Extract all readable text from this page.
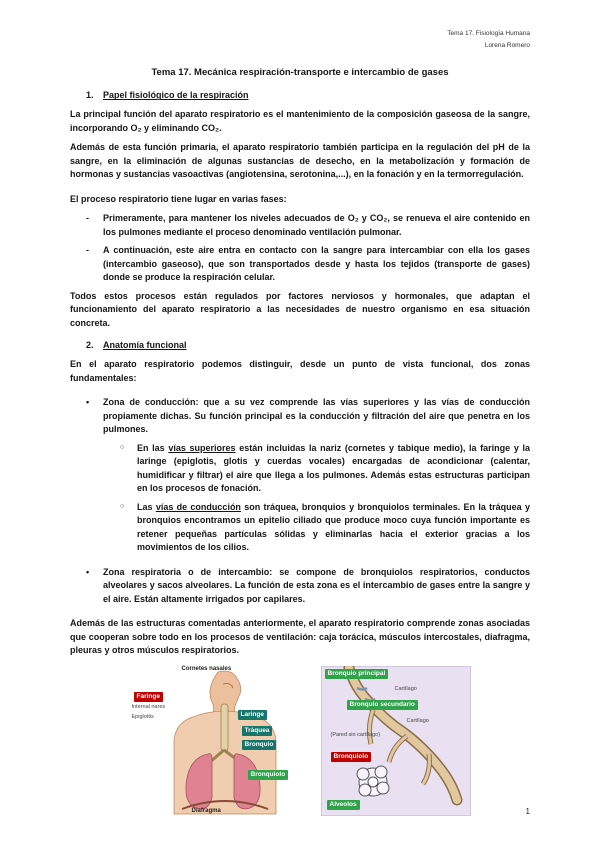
Tema 17. Fisiología Humana
Lorena Romero
Tema 17. Mecánica respiración-transporte e intercambio de gases
1.	Papel fisiológico de la respiración

La principal función del aparato respiratorio es el mantenimiento de la composición gaseosa de la sangre, incorporando O₂ y eliminando CO₂.

Además de esta función primaria, el aparato respiratorio también participa en la regulación del pH de la sangre, en la eliminación de algunas sustancias de desecho, en la metabolización y formación de hormonas y sustancias vasoactivas (angiotensina, serotonina,...), en la fonación y en la termorregulación.

El proceso respiratorio tiene lugar en varias fases:

-	Primeramente, para mantener los niveles adecuados de O₂ y CO₂, se renueva el aire contenido en los pulmones mediante el proceso denominado ventilación pulmonar.
-	A continuación, este aire entra en contacto con la sangre para intercambiar con ella los gases (intercambio gaseoso), que son transportados desde y hasta los tejidos (transporte de gases) donde se produce la respiración celular.

Todos estos procesos están regulados por factores nerviosos y hormonales, que adaptan el funcionamiento del aparato respiratorio a las necesidades de nuestro organismo en esa situación concreta.

2.	Anatomía funcional

En el aparato respiratorio podemos distinguir, desde un punto de vista funcional, dos zonas fundamentales:

•	Zona de conducción: que a su vez comprende las vías superiores y las vías de conducción propiamente dichas. Su función principal es la conducción y filtración del aire que penetra en los pulmones.
○	En las vías superiores están incluidas la nariz (cornetes y tabique medio), la faringe y la laringe (epiglotis, glotis y cuerdas vocales) encargadas de acondicionar (calentar, humidificar y filtrar) el aire que llega a los pulmones. Además estas estructuras participan en los procesos de fonación.
○	Las vías de conducción son tráquea, bronquios y bronquiolos terminales. En la tráquea y bronquios encontramos un epitelio ciliado que produce moco cuya función importante es retener pequeñas partículas sólidas y eliminarlas hacia el exterior gracias a los movimientos de los cilios.
•	Zona respiratoria o de intercambio: se compone de bronquiolos respiratorios, conductos alveolares y sacos alveolares. La función de esta zona es el intercambio de gases entre la sangre y el aire. Están altamente irrigados por capilares.

Además de las estructuras comentadas anteriormente, el aparato respiratorio comprende zonas asociadas que cooperan sobre todo en los procesos de ventilación: caja torácica, músculos intercostales, diafragma, pleuras y otros músculos respiratorios.

Cornetes nasales
Internal nares
Epiglottis
Faringe
Laringe
Tráquea
Bronquio
Bronquiolo
Diafragma
Bronquio principal
Cartílago
Bronquio secundario
Cartílago
(Pared sin cartílago)
Bronquiolo
Alveolos
1
